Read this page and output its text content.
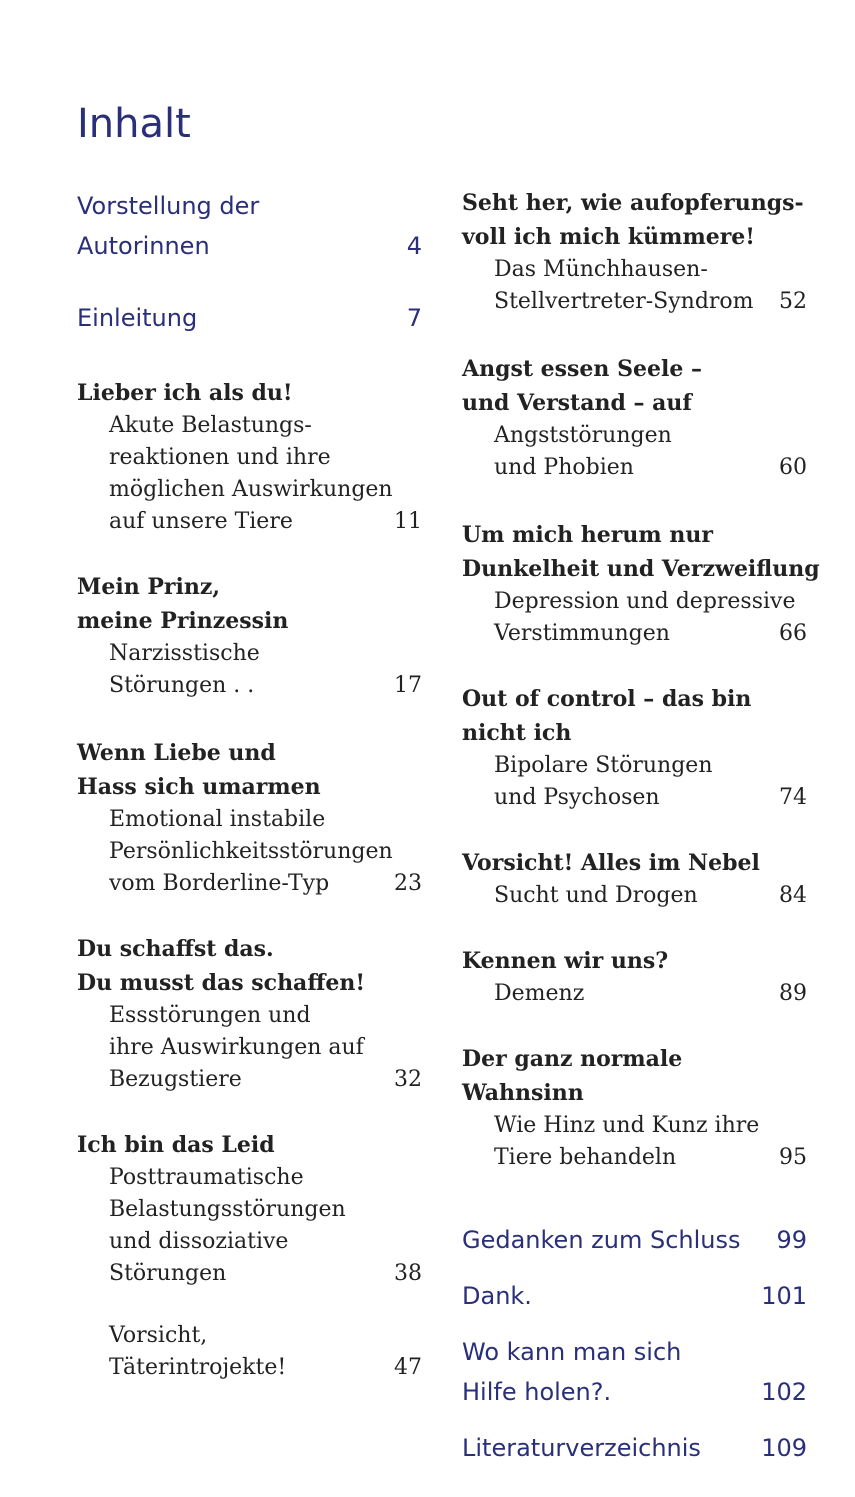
Inhalt
Vorstellung der
Autorinnen	4
Einleitung	7
Lieber ich als du!
Akute Belastungs-
reaktionen und ihre
möglichen Auswirkungen
auf unsere Tiere	11
Mein Prinz,
meine Prinzessin
Narzisstische
Störungen . .	17
Wenn Liebe und
Hass sich umarmen
Emotional instabile
Persönlichkeitsstörungen
vom Borderline-Typ	23
Du schaffst das.
Du musst das schaffen!
Essstörungen und
ihre Auswirkungen auf
Bezugstiere	32
Ich bin das Leid
Posttraumatische
Belastungsstörungen
und dissoziative
Störungen	38
Vorsicht,
Täterintrojekte!	47
Seht her, wie aufopferungs-
voll ich mich kümmere!
Das Münchhausen-
Stellvertreter-Syndrom 52
Angst essen Seele –
und Verstand – auf
Angststörungen
und Phobien	60
Um mich herum nur
Dunkelheit und Verzweiflung
Depression und depressive
Verstimmungen	66
Out of control – das bin
nicht ich
Bipolare Störungen
und Psychosen	74
Vorsicht! Alles im Nebel
Sucht und Drogen	84
Kennen wir uns?
Demenz	89
Der ganz normale
Wahnsinn
Wie Hinz und Kunz ihre
Tiere behandeln	95
Gedanken zum Schluss 99
Dank.	101
Wo kann man sich
Hilfe holen?.	102
Literaturverzeichnis	109
